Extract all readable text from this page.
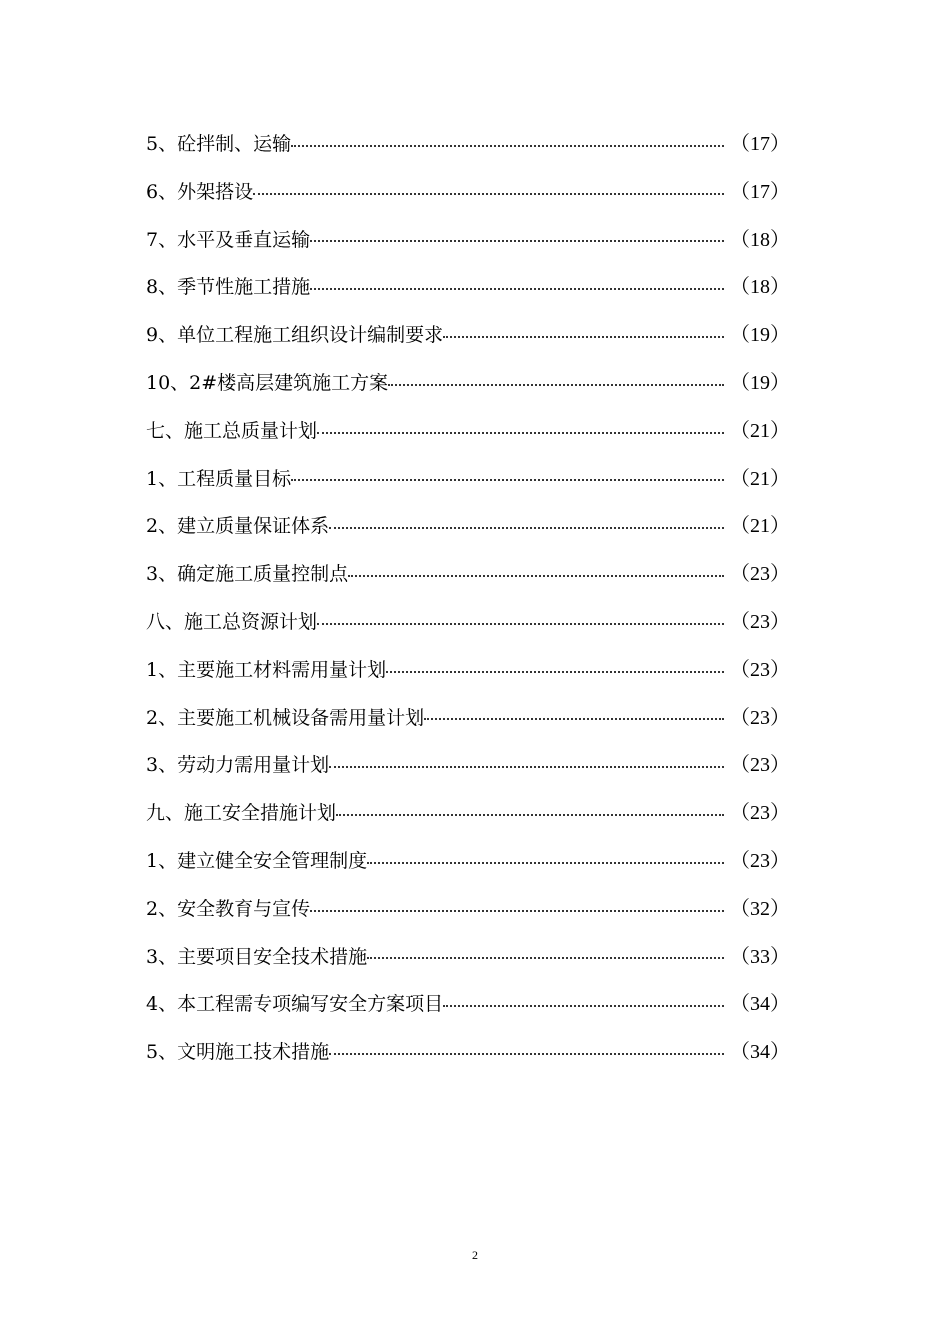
5、砼拌制、运输	（17）
6、外架搭设	（17）
7、水平及垂直运输	（18）
8、季节性施工措施	（18）
9、单位工程施工组织设计编制要求	（19）
10、2#楼高层建筑施工方案	（19）
七、施工总质量计划	（21）
1、工程质量目标	（21）
2、建立质量保证体系	（21）
3、确定施工质量控制点	（23）
八、施工总资源计划	（23）
1、主要施工材料需用量计划	（23）
2、主要施工机械设备需用量计划	（23）
3、劳动力需用量计划	（23）
九、施工安全措施计划	（23）
1、建立健全安全管理制度	（23）
2、安全教育与宣传	（32）
3、主要项目安全技术措施	（33）
4、本工程需专项编写安全方案项目	（34）
5、文明施工技术措施	（34）
2
